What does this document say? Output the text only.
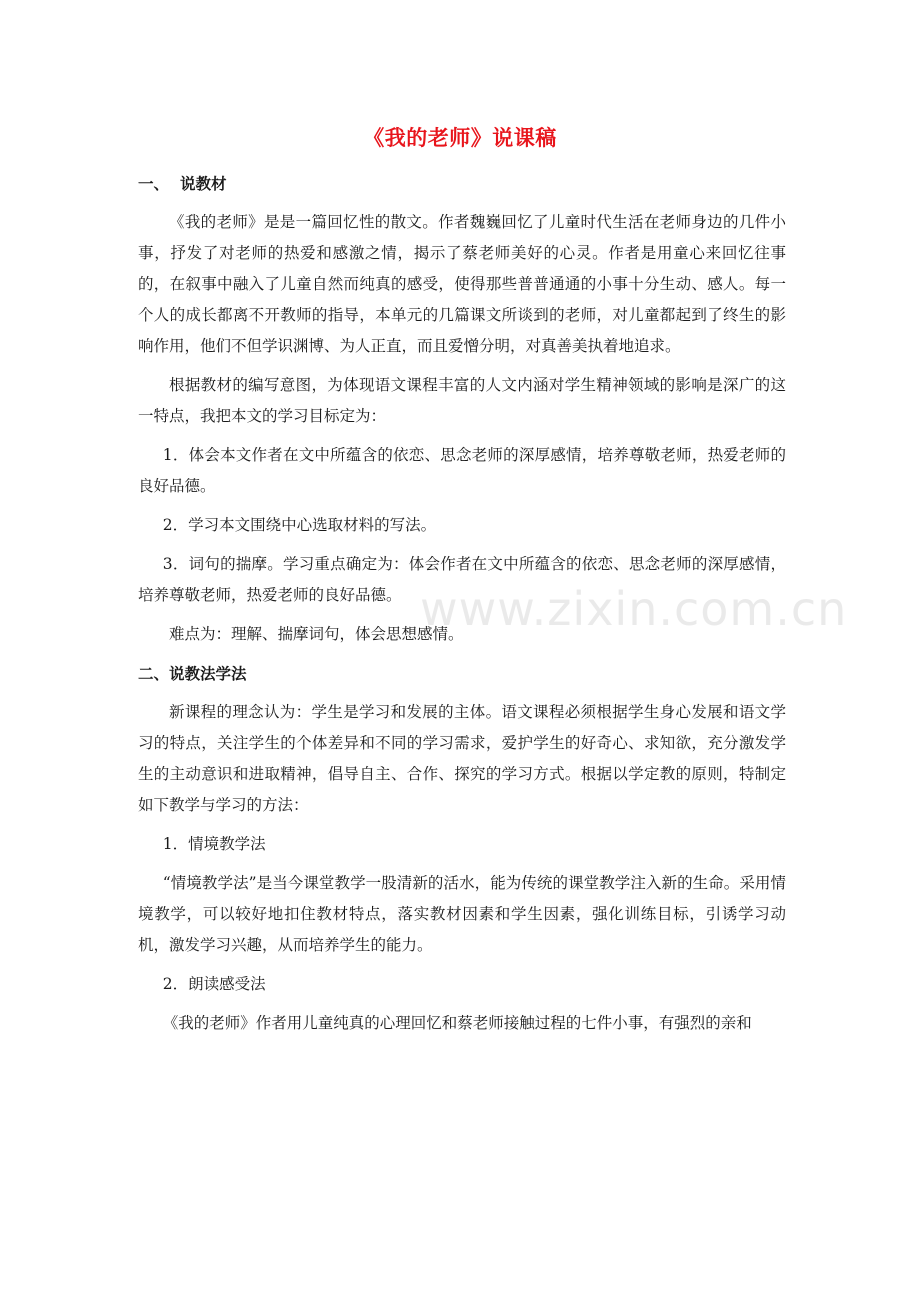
www.zixin.com.cn
《我的老师》说课稿
一、 说教材

《我的老师》是是一篇回忆性的散文。作者魏巍回忆了儿童时代生活在老师身边的几件小事，抒发了对老师的热爱和感激之情，揭示了蔡老师美好的心灵。作者是用童心来回忆往事的，在叙事中融入了儿童自然而纯真的感受，使得那些普普通通的小事十分生动、感人。每一个人的成长都离不开教师的指导，本单元的几篇课文所谈到的老师，对儿童都起到了终生的影响作用，他们不但学识渊博、为人正直，而且爱憎分明，对真善美执着地追求。

根据教材的编写意图，为体现语文课程丰富的人文内涵对学生精神领域的影响是深广的这一特点，我把本文的学习目标定为：

1．体会本文作者在文中所蕴含的依恋、思念老师的深厚感情，培养尊敬老师，热爱老师的良好品德。

2．学习本文围绕中心选取材料的写法。

3．词句的揣摩。学习重点确定为：体会作者在文中所蕴含的依恋、思念老师的深厚感情，培养尊敬老师，热爱老师的良好品德。

难点为：理解、揣摩词句，体会思想感情。

二、说教法学法

新课程的理念认为：学生是学习和发展的主体。语文课程必须根据学生身心发展和语文学习的特点，关注学生的个体差异和不同的学习需求，爱护学生的好奇心、求知欲，充分激发学生的主动意识和进取精神，倡导自主、合作、探究的学习方式。根据以学定教的原则，特制定如下教学与学习的方法：

1．情境教学法

“情境教学法”是当今课堂教学一股清新的活水，能为传统的课堂教学注入新的生命。采用情境教学，可以较好地扣住教材特点，落实教材因素和学生因素，强化训练目标，引诱学习动机，激发学习兴趣，从而培养学生的能力。

2．朗读感受法

《我的老师》作者用儿童纯真的心理回忆和蔡老师接触过程的七件小事，有强烈的亲和
